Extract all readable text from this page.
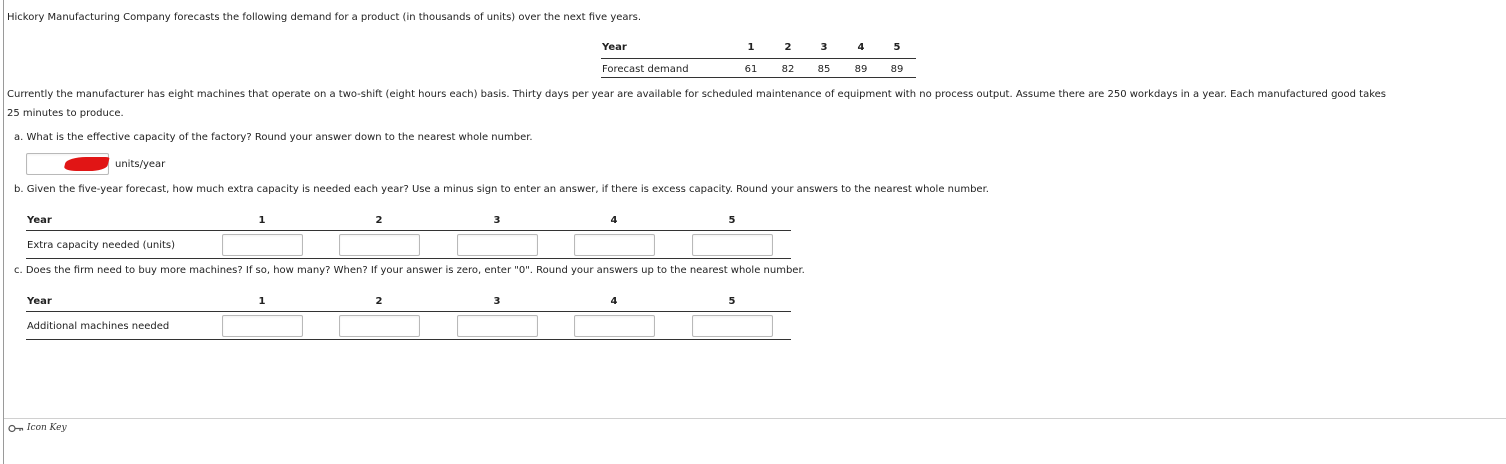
Hickory Manufacturing Company forecasts the following demand for a product (in thousands of units) over the next five years.
Year	1	2	3	4	5
Forecast demand	61	82	85	89	89
Currently the manufacturer has eight machines that operate on a two-shift (eight hours each) basis. Thirty days per year are available for scheduled maintenance of equipment with no process output. Assume there are 250 workdays in a year. Each manufactured good takes
25 minutes to produce.
a. What is the effective capacity of the factory? Round your answer down to the nearest whole number.
units/year
b. Given the five-year forecast, how much extra capacity is needed each year? Use a minus sign to enter an answer, if there is excess capacity. Round your answers to the nearest whole number.
Year	1	2	3	4	5
Extra capacity needed (units)
c. Does the firm need to buy more machines? If so, how many? When? If your answer is zero, enter "0". Round your answers up to the nearest whole number.
Year	1	2	3	4	5
Additional machines needed
Icon Key
